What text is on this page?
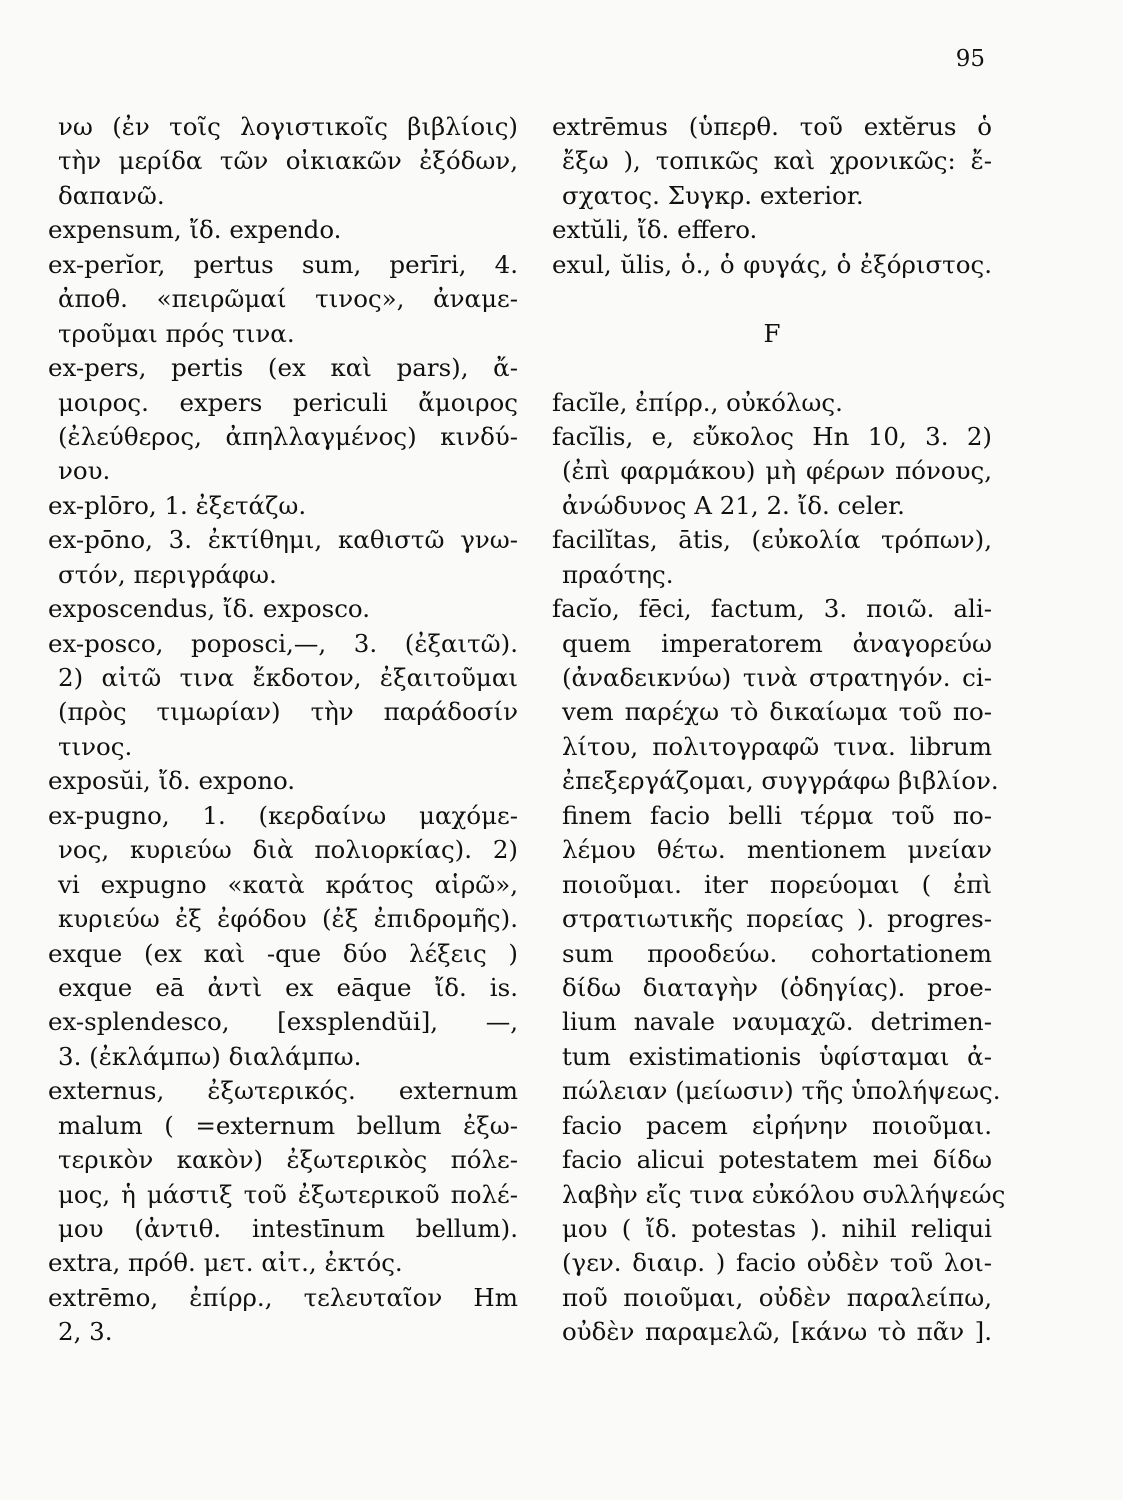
95
νω (ἐν τοῖς λογιστικοῖς βιβλίοις)
τὴν μερίδα τῶν οἰκιακῶν ἐξόδων,
δαπανῶ.
expensum, ἴδ. expendo.
ex-perĭor, pertus sum, perīri, 4.
ἀποθ. «πειρῶμαί τινος», ἀναμε-
τροῦμαι πρός τινα.
ex-pers, pertis (ex καὶ pars), ἄ-
μοιρος. expers periculi ἄμοιρος
(ἐλεύθερος, ἀπηλλαγμένος) κινδύ-
νου.
ex-plōro, 1. ἐξετάζω.
ex-pōno, 3. ἐκτίθημι, καθιστῶ γνω-
στόν, περιγράφω.
exposcendus, ἴδ. exposco.
ex-posco, poposci,—, 3. (ἐξαιτῶ).
2) αἰτῶ τινα ἔκδοτον, ἐξαιτοῦμαι
(πρὸς τιμωρίαν) τὴν παράδοσίν
τινος.
exposŭi, ἴδ. expono.
ex-pugno, 1. (κερδαίνω μαχόμε-
νος, κυριεύω διὰ πολιορκίας). 2)
vi expugno «κατὰ κράτος αἱρῶ»,
κυριεύω ἐξ ἐφόδου (ἐξ ἐπιδρομῆς).
exque (ex καὶ -que δύο λέξεις )
exque eā ἀντὶ ex eāque ἴδ. is.
ex-splendesco, [exsplendŭi], —,
3. (ἐκλάμπω) διαλάμπω.
externus, ἐξωτερικός. externum
malum ( =externum bellum ἐξω-
τερικὸν κακὸν) ἐξωτερικὸς πόλε-
μος, ἡ μάστιξ τοῦ ἐξωτερικοῦ πολέ-
μου (ἀντιθ. intestīnum bellum).
extra, πρόθ. μετ. αἰτ., ἐκτός.
extrēmo, ἐπίρρ., τελευταῖον Hm
2, 3.
extrēmus (ὑπερθ. τοῦ extĕrus ὁ
ἔξω ), τοπικῶς καὶ χρονικῶς: ἔ-
σχατος. Συγκρ. exterior.
extŭli, ἴδ. effero.
exul, ŭlis, ὁ., ὁ φυγάς, ὁ ἐξόριστος.
F
facĭle, ἐπίρρ., οὐκόλως.
facĭlis, e, εὔκολος Hn 10, 3. 2)
(ἐπὶ φαρμάκου) μὴ φέρων πόνους,
ἀνώδυνος A 21, 2. ἴδ. celer.
facilĭtas, ātis, (εὐκολία τρόπων),
πραότης.
facĭo, fēci, factum, 3. ποιῶ. ali-
quem imperatorem ἀναγορεύω
(ἀναδεικνύω) τινὰ στρατηγόν. ci-
vem παρέχω τὸ δικαίωμα τοῦ πο-
λίτου, πολιτογραφῶ τινα. librum
ἐπεξεργάζομαι, συγγράφω βιβλίον.
finem facio belli τέρμα τοῦ πο-
λέμου θέτω. mentionem μνείαν
ποιοῦμαι. iter πορεύομαι ( ἐπὶ
στρατιωτικῆς πορείας ). progres-
sum προοδεύω. cohortationem
δίδω διαταγὴν (ὁδηγίας). proe-
lium navale ναυμαχῶ. detrimen-
tum existimationis ὑφίσταμαι ἀ-
πώλειαν (μείωσιν) τῆς ὑπολήψεως.
facio pacem εἰρήνην ποιοῦμαι.
facio alicui potestatem mei δίδω
λαβὴν εἴς τινα εὐκόλου συλλήψεώς
μου ( ἴδ. potestas ). nihil reliqui
(γεν. διαιρ. ) facio οὐδὲν τοῦ λοι-
ποῦ ποιοῦμαι, οὐδὲν παραλείπω,
οὐδὲν παραμελῶ, [κάνω τὸ πᾶν ].
